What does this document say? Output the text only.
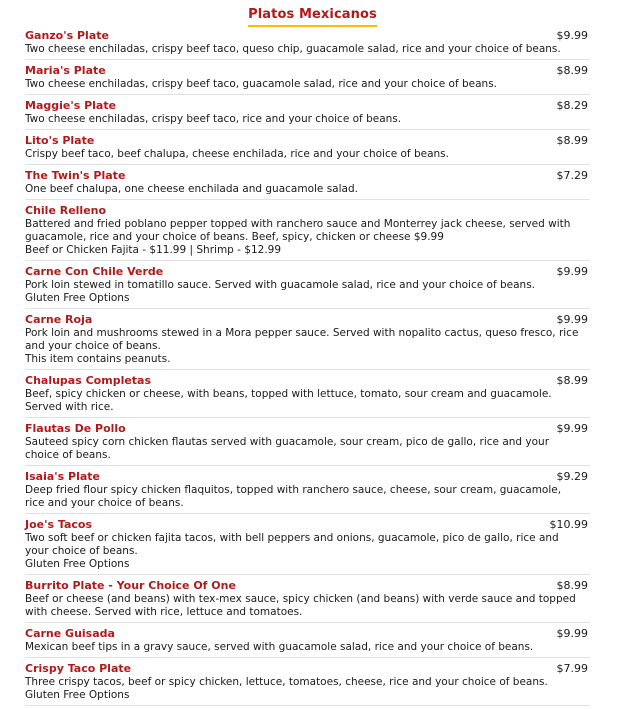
Platos Mexicanos
Ganzo's Plate	$9.99
Two cheese enchiladas, crispy beef taco, queso chip, guacamole salad, rice and your choice of beans.
Maria's Plate	$8.99
Two cheese enchiladas, crispy beef taco, guacamole salad, rice and your choice of beans.
Maggie's Plate	$8.29
Two cheese enchiladas, crispy beef taco, rice and your choice of beans.
Lito's Plate	$8.99
Crispy beef taco, beef chalupa, cheese enchilada, rice and your choice of beans.
The Twin's Plate	$7.29
One beef chalupa, one cheese enchilada and guacamole salad.
Chile Relleno
Battered and fried poblano pepper topped with ranchero sauce and Monterrey jack cheese, served with guacamole, rice and your choice of beans. Beef, spicy, chicken or cheese $9.99
Beef or Chicken Fajita - $11.99 | Shrimp - $12.99
Carne Con Chile Verde	$9.99
Pork loin stewed in tomatillo sauce. Served with guacamole salad, rice and your choice of beans.
Gluten Free Options
Carne Roja	$9.99
Pork loin and mushrooms stewed in a Mora pepper sauce. Served with nopalito cactus, queso fresco, rice and your choice of beans.
This item contains peanuts.
Chalupas Completas	$8.99
Beef, spicy chicken or cheese, with beans, topped with lettuce, tomato, sour cream and guacamole. Served with rice.
Flautas De Pollo	$9.99
Sauteed spicy corn chicken flautas served with guacamole, sour cream, pico de gallo, rice and your choice of beans.
Isaia's Plate	$9.29
Deep fried flour spicy chicken flaquitos, topped with ranchero sauce, cheese, sour cream, guacamole, rice and your choice of beans.
Joe's Tacos	$10.99
Two soft beef or chicken fajita tacos, with bell peppers and onions, guacamole, pico de gallo, rice and your choice of beans.
Gluten Free Options
Burrito Plate - Your Choice Of One	$8.99
Beef or cheese (and beans) with tex-mex sauce, spicy chicken (and beans) with verde sauce and topped with cheese. Served with rice, lettuce and tomatoes.
Carne Guisada	$9.99
Mexican beef tips in a gravy sauce, served with guacamole salad, rice and your choice of beans.
Crispy Taco Plate	$7.99
Three crispy tacos, beef or spicy chicken, lettuce, tomatoes, cheese, rice and your choice of beans.
Gluten Free Options
